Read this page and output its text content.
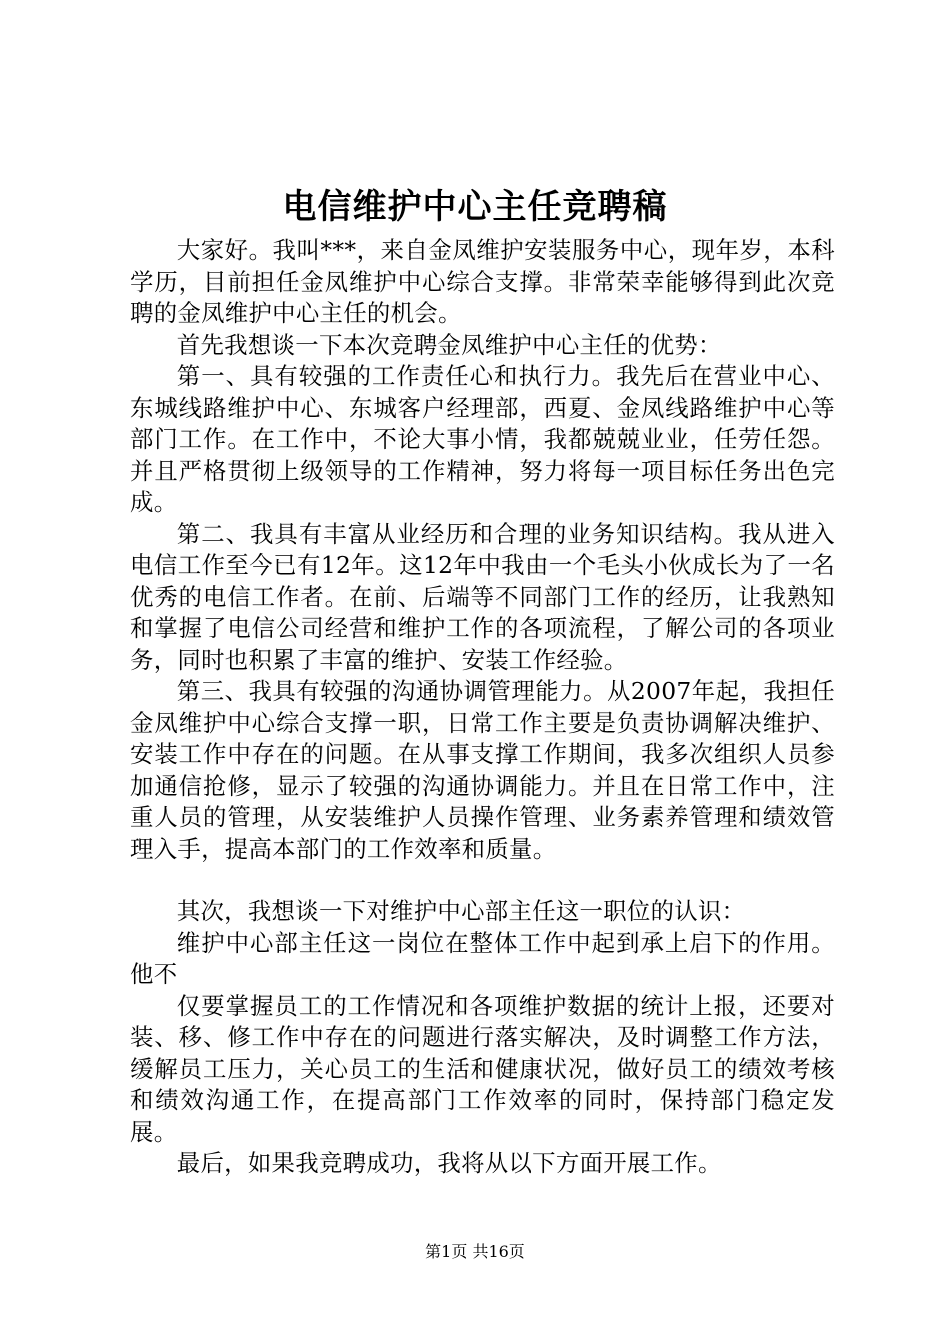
电信维护中心主任竞聘稿

大家好。我叫***，来自金凤维护安装服务中心，现年岁，本科学历，目前担任金凤维护中心综合支撑。非常荣幸能够得到此次竞聘的金凤维护中心主任的机会。

首先我想谈一下本次竞聘金凤维护中心主任的优势：

第一、具有较强的工作责任心和执行力。我先后在营业中心、东城线路维护中心、东城客户经理部，西夏、金凤线路维护中心等部门工作。在工作中，不论大事小情，我都兢兢业业，任劳任怨。并且严格贯彻上级领导的工作精神，努力将每一项目标任务出色完成。

第二、我具有丰富从业经历和合理的业务知识结构。我从进入电信工作至今已有12年。这12年中我由一个毛头小伙成长为了一名优秀的电信工作者。在前、后端等不同部门工作的经历，让我熟知和掌握了电信公司经营和维护工作的各项流程，了解公司的各项业务，同时也积累了丰富的维护、安装工作经验。

第三、我具有较强的沟通协调管理能力。从2007年起，我担任金凤维护中心综合支撑一职，日常工作主要是负责协调解决维护、安装工作中存在的问题。在从事支撑工作期间，我多次组织人员参加通信抢修，显示了较强的沟通协调能力。并且在日常工作中，注重人员的管理，从安装维护人员操作管理、业务素养管理和绩效管理入手，提高本部门的工作效率和质量。

其次，我想谈一下对维护中心部主任这一职位的认识：

维护中心部主任这一岗位在整体工作中起到承上启下的作用。他不

仅要掌握员工的工作情况和各项维护数据的统计上报，还要对装、移、修工作中存在的问题进行落实解决，及时调整工作方法，缓解员工压力，关心员工的生活和健康状况，做好员工的绩效考核和绩效沟通工作，在提高部门工作效率的同时，保持部门稳定发展。

最后，如果我竞聘成功，我将从以下方面开展工作。

第1页 共16页
